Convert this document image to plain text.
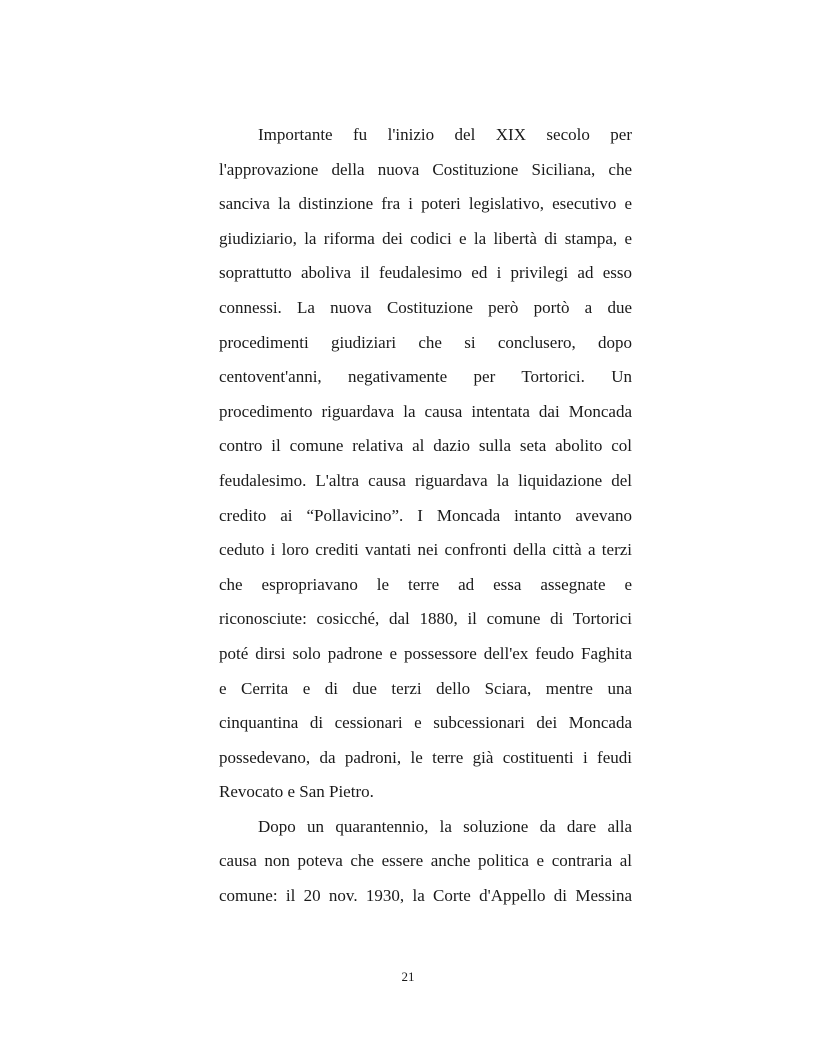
Importante fu l'inizio del XIX secolo per
l'approvazione della nuova Costituzione Siciliana, che
sanciva la distinzione fra i poteri legislativo, esecutivo e
giudiziario, la riforma dei codici e la libertà di stampa, e
soprattutto aboliva il feudalesimo ed i privilegi ad esso
connessi. La nuova Costituzione però portò a due
procedimenti giudiziari che si conclusero, dopo
centovent'anni, negativamente per Tortorici. Un
procedimento riguardava la causa intentata dai Moncada
contro il comune relativa al dazio sulla seta abolito col
feudalesimo. L'altra causa riguardava la liquidazione del
credito ai “Pollavicino”. I Moncada intanto avevano
ceduto i loro crediti vantati nei confronti della città a terzi
che espropriavano le terre ad essa assegnate e
riconosciute: cosicché, dal 1880, il comune di Tortorici
poté dirsi solo padrone e possessore dell'ex feudo Faghita
e Cerrita e di due terzi dello Sciara, mentre una
cinquantina di cessionari e subcessionari dei Moncada
possedevano, da padroni, le terre già costituenti i feudi
Revocato e San Pietro.
Dopo un quarantennio, la soluzione da dare alla
causa non poteva che essere anche politica e contraria al
comune: il 20 nov. 1930, la Corte d'Appello di Messina
21
